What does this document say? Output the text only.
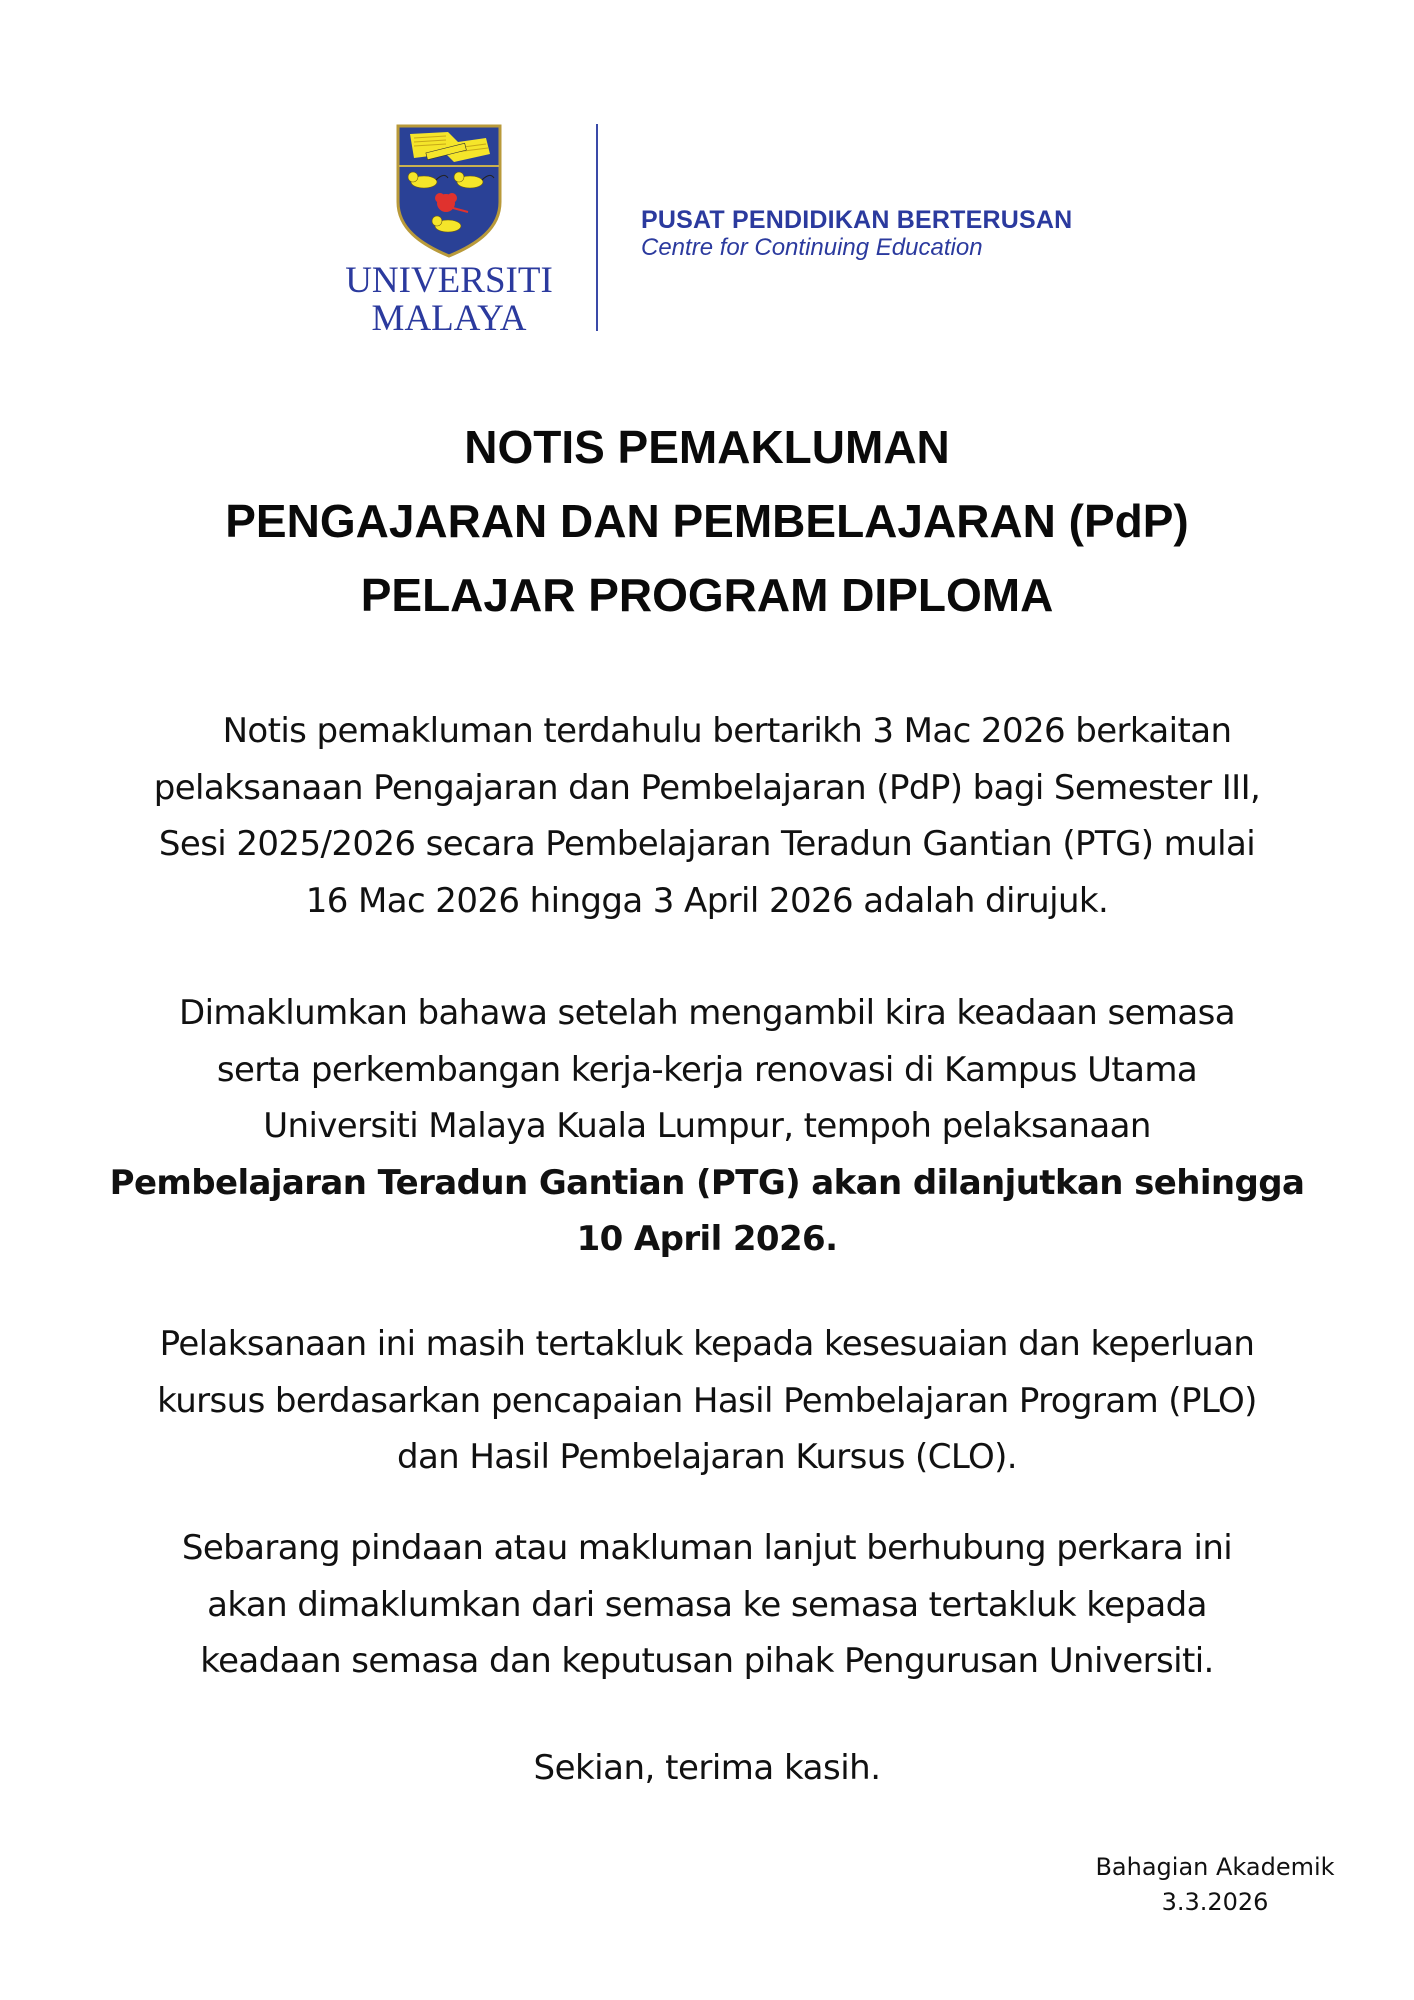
UNIVERSITI
MALAYA
PUSAT PENDIDIKAN BERTERUSAN
Centre for Continuing Education
NOTIS PEMAKLUMAN
PENGAJARAN DAN PEMBELAJARAN (PdP)
PELAJAR PROGRAM DIPLOMA
Notis pemakluman terdahulu bertarikh 3 Mac 2026 berkaitan
pelaksanaan Pengajaran dan Pembelajaran (PdP) bagi Semester III,
Sesi 2025/2026 secara Pembelajaran Teradun Gantian (PTG) mulai
16 Mac 2026 hingga 3 April 2026 adalah dirujuk.
Dimaklumkan bahawa setelah mengambil kira keadaan semasa
serta perkembangan kerja-kerja renovasi di Kampus Utama
Universiti Malaya Kuala Lumpur, tempoh pelaksanaan
Pembelajaran Teradun Gantian (PTG) akan dilanjutkan sehingga
10 April 2026.
Pelaksanaan ini masih tertakluk kepada kesesuaian dan keperluan
kursus berdasarkan pencapaian Hasil Pembelajaran Program (PLO)
dan Hasil Pembelajaran Kursus (CLO).
Sebarang pindaan atau makluman lanjut berhubung perkara ini
akan dimaklumkan dari semasa ke semasa tertakluk kepada
keadaan semasa dan keputusan pihak Pengurusan Universiti.
Sekian, terima kasih.
Bahagian Akademik
3.3.2026
